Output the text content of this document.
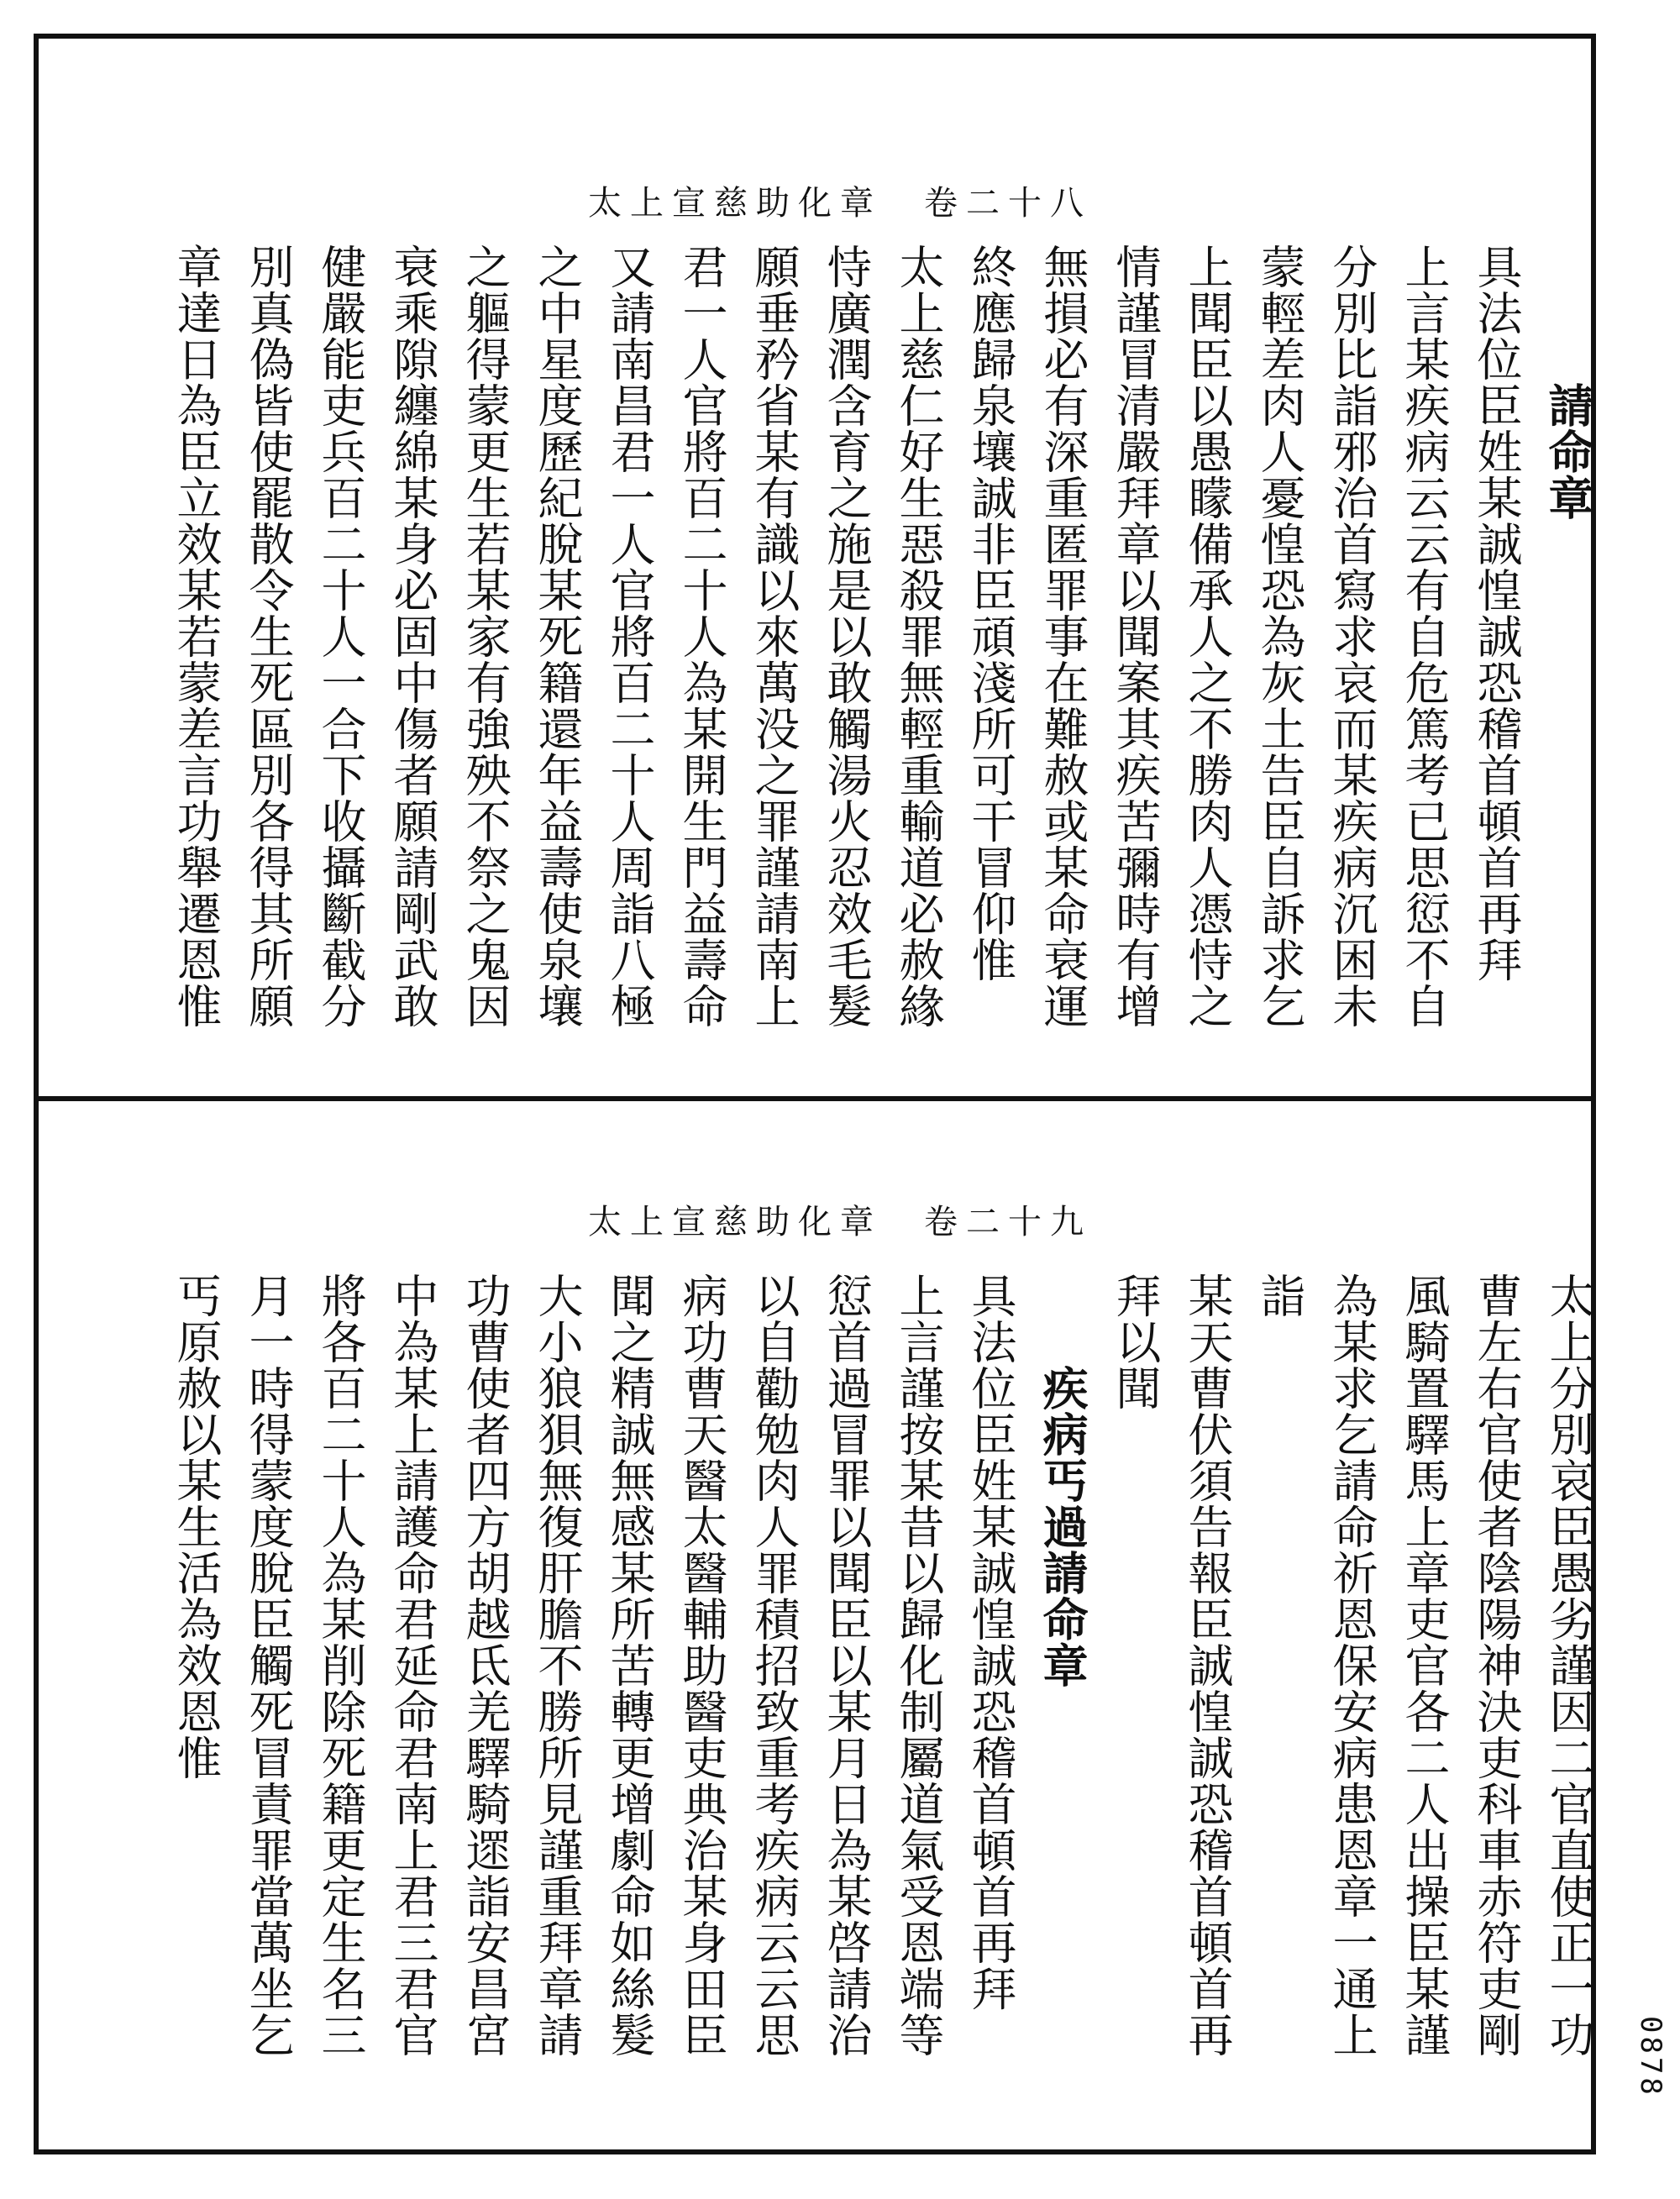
太上宣慈助化章　卷二十八
太上宣慈助化章　卷二十九
請命章
具法位臣姓某誠惶誠恐稽首頓首再拜
上言某疾病云云有自危篤考已思愆不自
分別比詣邪治首寫求哀而某疾病沉困未
蒙輕差肉人憂惶恐為灰土告臣自訴求乞
上聞臣以愚矇備承人之不勝肉人憑恃之
情謹冒清嚴拜章以聞案其疾苦彌時有增
無損必有深重匿罪事在難赦或某命衰運
終應歸泉壤誠非臣頑淺所可干冒仰惟
太上慈仁好生惡殺罪無輕重輸道必赦緣
恃廣潤含育之施是以敢觸湯火忍效毛髮
願垂矜省某有識以來萬没之罪謹請南上
君一人官將百二十人為某開生門益壽命
又請南昌君一人官將百二十人周詣八極
之中星度歷紀脫某死籍還年益壽使泉壤
之軀得蒙更生若某家有強殃不祭之鬼因
衰乘隙纏綿某身必固中傷者願請剛武敢
健嚴能吏兵百二十人一合下收攝斷截分
別真偽皆使罷散令生死區別各得其所願
章達日為臣立效某若蒙差言功舉遷恩惟
太上分別哀臣愚劣謹因二官直使正一功
曹左右官使者陰陽神決吏科車赤符吏剛
風騎置驛馬上章吏官各二人出操臣某謹
為某求乞請命祈恩保安病患恩章一通上
詣
某天曹伏須告報臣誠惶誠恐稽首頓首再
拜以聞
疾病丐過請命章
具法位臣姓某誠惶誠恐稽首頓首再拜
上言謹按某昔以歸化制屬道氣受恩端等
愆首過冒罪以聞臣以某月日為某啓請治
以自勸勉肉人罪積招致重考疾病云云思
病功曹天醫太醫輔助醫吏典治某身田臣
聞之精誠無感某所苦轉更增劇命如絲髮
大小狼狽無復肝膽不勝所見謹重拜章請
功曹使者四方胡越氐羌驛騎遝詣安昌宮
中為某上請護命君延命君南上君三君官
將各百二十人為某削除死籍更定生名三
月一時得蒙度脫臣觸死冒責罪當萬坐乞
丐原赦以某生活為效恩惟
0878
